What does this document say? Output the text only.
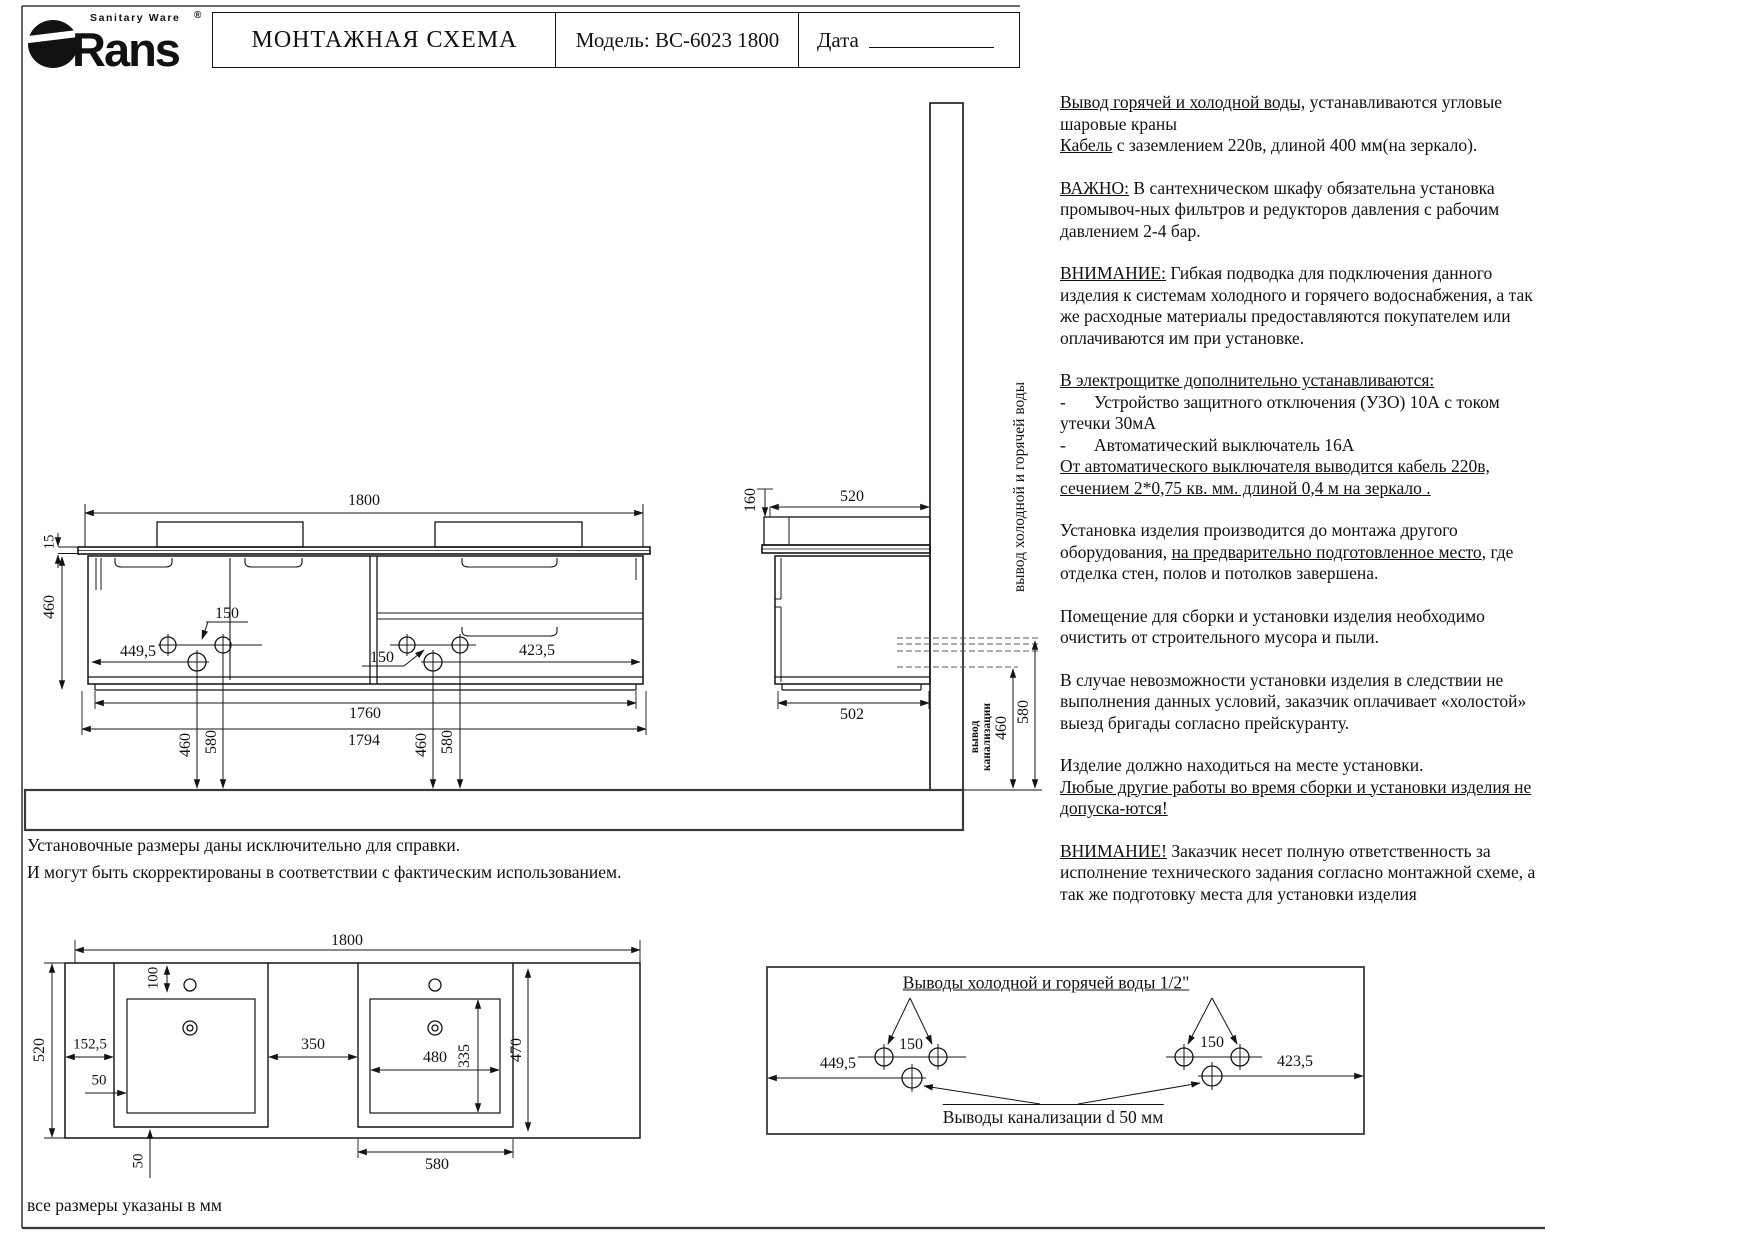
Rans
Sanitary Ware ®
МОНТАЖНАЯ СХЕМА	Модель: BC-6023 1800 Дата
1800
15
460
449,5
150
150	423,5
1760
1794
460 580	460 580
160	520
502
вывод холодной и горячей воды
вывод
канализации 460
580

Вывод горячей и холодной воды, устанавливаются угловые шаровые краны

Кабель с заземлением 220в, длиной 400 мм(на зеркало).

ВАЖНО: В сантехническом шкафу обязательна установка промывоч-ных фильтров и редукторов давления с рабочим давлением 2-4 бар.

ВНИМАНИЕ: Гибкая подводка для подключения данного изделия к системам холодного и горячего водоснабжения, а так же расходные материалы предоставляются покупателем или оплачиваются им при установке.

В электрощитке дополнительно устанавливаются:

- Устройство защитного отключения (УЗО) 10А с током утечки 30мА

- Автоматический выключатель 16А

От автоматического выключателя выводится кабель 220в, сечением 2*0,75 кв. мм. длиной 0,4 м на зеркало .

Установка изделия производится до монтажа другого оборудования, на предварительно подготовленное место, где отделка стен, полов и потолков завершена.

Помещение для сборки и установки изделия необходимо очистить от строительного мусора и пыли.

В случае невозможности установки изделия в следствии не выполнения данных условий, заказчик оплачивает «холостой» выезд бригады согласно прейскуранту.

Изделие должно находиться на месте установки.

Любые другие работы во время сборки и установки изделия не допуска-ются!

ВНИМАНИЕ! Заказчик несет полную ответственность за исполнение технического задания согласно монтажной схеме, а так же подготовку места для установки изделия

Установочные размеры даны исключительно для справки.
И могут быть скорректированы в соответствии с фактическим использованием.
1800
520
100
152,5
50
350
480 335 470
50	580
Выводы холодной и горячей воды 1/2"
150	150
449,5	423,5
Выводы канализации d 50 мм
все размеры указаны в мм
